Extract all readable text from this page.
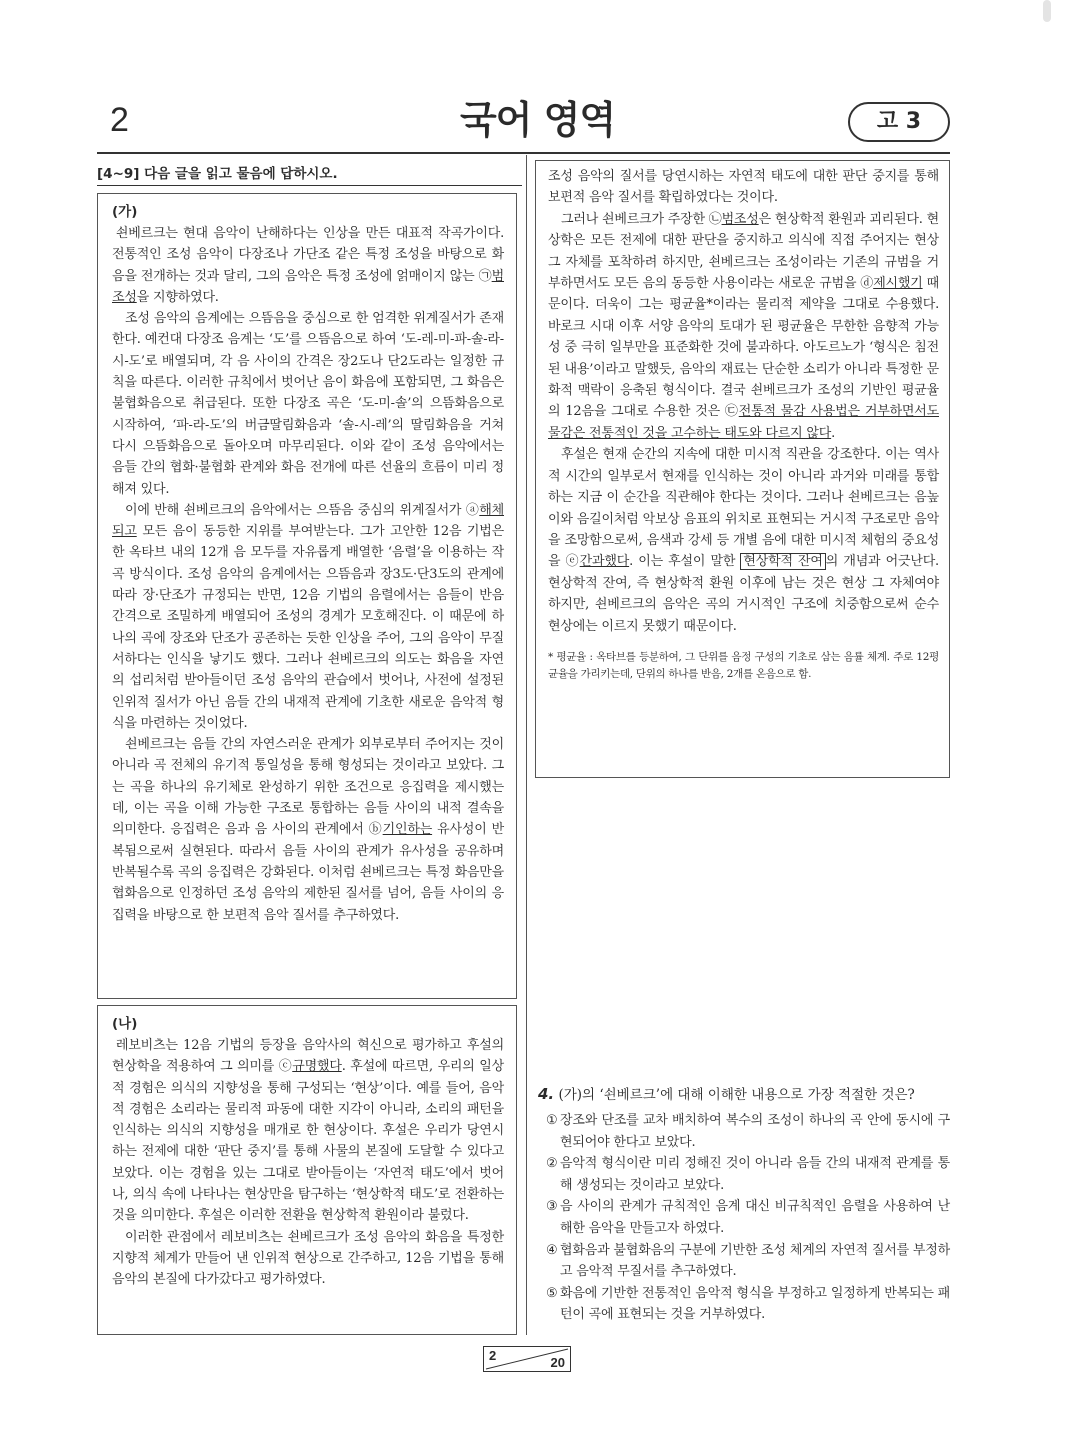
2	국어 영역	고 3
[4~9] 다음 글을 읽고 물음에 답하시오.
(가)

쇤베르크는 현대 음악이 난해하다는 인상을 만든 대표적 작곡가이다. 전통적인 조성 음악이 다장조나 가단조 같은 특정 조성을 바탕으로 화음을 전개하는 것과 달리, 그의 음악은 특정 조성에 얽매이지 않는 ㉠범조성을 지향하였다.

조성 음악의 음계에는 으뜸음을 중심으로 한 엄격한 위계질서가 존재한다. 예컨대 다장조 음계는 ‘도’를 으뜸음으로 하여 ‘도-레-미-파-솔-라-시-도’로 배열되며, 각 음 사이의 간격은 장2도나 단2도라는 일정한 규칙을 따른다. 이러한 규칙에서 벗어난 음이 화음에 포함되면, 그 화음은 불협화음으로 취급된다. 또한 다장조 곡은 ‘도-미-솔’의 으뜸화음으로 시작하여, ‘파-라-도’의 버금딸림화음과 ‘솔-시-레’의 딸림화음을 거쳐 다시 으뜸화음으로 돌아오며 마무리된다. 이와 같이 조성 음악에서는 음들 간의 협화·불협화 관계와 화음 전개에 따른 선율의 흐름이 미리 정해져 있다.

이에 반해 쇤베르크의 음악에서는 으뜸음 중심의 위계질서가 ⓐ해체되고 모든 음이 동등한 지위를 부여받는다. 그가 고안한 12음 기법은 한 옥타브 내의 12개 음 모두를 자유롭게 배열한 ‘음렬’을 이용하는 작곡 방식이다. 조성 음악의 음계에서는 으뜸음과 장3도·단3도의 관계에 따라 장·단조가 규정되는 반면, 12음 기법의 음렬에서는 음들이 반음 간격으로 조밀하게 배열되어 조성의 경계가 모호해진다. 이 때문에 하나의 곡에 장조와 단조가 공존하는 듯한 인상을 주어, 그의 음악이 무질서하다는 인식을 낳기도 했다. 그러나 쇤베르크의 의도는 화음을 자연의 섭리처럼 받아들이던 조성 음악의 관습에서 벗어나, 사전에 설정된 인위적 질서가 아닌 음들 간의 내재적 관계에 기초한 새로운 음악적 형식을 마련하는 것이었다.

쇤베르크는 음들 간의 자연스러운 관계가 외부로부터 주어지는 것이 아니라 곡 전체의 유기적 통일성을 통해 형성되는 것이라고 보았다. 그는 곡을 하나의 유기체로 완성하기 위한 조건으로 응집력을 제시했는데, 이는 곡을 이해 가능한 구조로 통합하는 음들 사이의 내적 결속을 의미한다. 응집력은 음과 음 사이의 관계에서 ⓑ기인하는 유사성이 반복됨으로써 실현된다. 따라서 음들 사이의 관계가 유사성을 공유하며 반복될수록 곡의 응집력은 강화된다. 이처럼 쇤베르크는 특정 화음만을 협화음으로 인정하던 조성 음악의 제한된 질서를 넘어, 음들 사이의 응집력을 바탕으로 한 보편적 음악 질서를 추구하였다.

(나)

레보비츠는 12음 기법의 등장을 음악사의 혁신으로 평가하고 후설의 현상학을 적용하여 그 의미를 ⓒ규명했다. 후설에 따르면, 우리의 일상적 경험은 의식의 지향성을 통해 구성되는 ‘현상’이다. 예를 들어, 음악적 경험은 소리라는 물리적 파동에 대한 지각이 아니라, 소리의 패턴을 인식하는 의식의 지향성을 매개로 한 현상이다. 후설은 우리가 당연시하는 전제에 대한 ‘판단 중지’를 통해 사물의 본질에 도달할 수 있다고 보았다. 이는 경험을 있는 그대로 받아들이는 ‘자연적 태도’에서 벗어나, 의식 속에 나타나는 현상만을 탐구하는 ‘현상학적 태도’로 전환하는 것을 의미한다. 후설은 이러한 전환을 현상학적 환원이라 불렀다.

이러한 관점에서 레보비츠는 쇤베르크가 조성 음악의 화음을 특정한 지향적 체계가 만들어 낸 인위적 현상으로 간주하고, 12음 기법을 통해 음악의 본질에 다가갔다고 평가하였다.

조성 음악의 질서를 당연시하는 자연적 태도에 대한 판단 중지를 통해 보편적 음악 질서를 확립하였다는 것이다.

그러나 쇤베르크가 주장한 ㉡범조성은 현상학적 환원과 괴리된다. 현상학은 모든 전제에 대한 판단을 중지하고 의식에 직접 주어지는 현상 그 자체를 포착하려 하지만, 쇤베르크는 조성이라는 기존의 규범을 거부하면서도 모든 음의 동등한 사용이라는 새로운 규범을 ⓓ제시했기 때문이다. 더욱이 그는 평균율*이라는 물리적 제약을 그대로 수용했다. 바로크 시대 이후 서양 음악의 토대가 된 평균율은 무한한 음향적 가능성 중 극히 일부만을 표준화한 것에 불과하다. 아도르노가 ‘형식은 침전된 내용’이라고 말했듯, 음악의 재료는 단순한 소리가 아니라 특정한 문화적 맥락이 응축된 형식이다. 결국 쇤베르크가 조성의 기반인 평균율의 12음을 그대로 수용한 것은 ㉢전통적 물감 사용법은 거부하면서도 물감은 전통적인 것을 고수하는 태도와 다르지 않다.

후설은 현재 순간의 지속에 대한 미시적 직관을 강조한다. 이는 역사적 시간의 일부로서 현재를 인식하는 것이 아니라 과거와 미래를 통합하는 지금 이 순간을 직관해야 한다는 것이다. 그러나 쇤베르크는 음높이와 음길이처럼 악보상 음표의 위치로 표현되는 거시적 구조로만 음악을 조망함으로써, 음색과 강세 등 개별 음에 대한 미시적 체험의 중요성을 ⓔ간과했다. 이는 후설이 말한 현상학적 잔여 의 개념과 어긋난다. 현상학적 잔여, 즉 현상학적 환원 이후에 남는 것은 현상 그 자체여야 하지만, 쇤베르크의 음악은 곡의 거시적인 구조에 치중함으로써 순수 현상에는 이르지 못했기 때문이다.

* 평균율 : 옥타브를 등분하여, 그 단위를 음정 구성의 기초로 삼는 음률 체계. 주로 12평균율을 가리키는데, 단위의 하나를 반음, 2개를 온음으로 함.

4. (가)의 ‘쇤베르크’에 대해 이해한 내용으로 가장 적절한 것은?

① 장조와 단조를 교차 배치하여 복수의 조성이 하나의 곡 안에 동시에 구현되어야 한다고 보았다.
② 음악적 형식이란 미리 정해진 것이 아니라 음들 간의 내재적 관계를 통해 생성되는 것이라고 보았다.
③ 음 사이의 관계가 규칙적인 음계 대신 비규칙적인 음렬을 사용하여 난해한 음악을 만들고자 하였다.
④ 협화음과 불협화음의 구분에 기반한 조성 체계의 자연적 질서를 부정하고 음악적 무질서를 추구하였다.
⑤ 화음에 기반한 전통적인 음악적 형식을 부정하고 일정하게 반복되는 패턴이 곡에 표현되는 것을 거부하였다.
2	20
